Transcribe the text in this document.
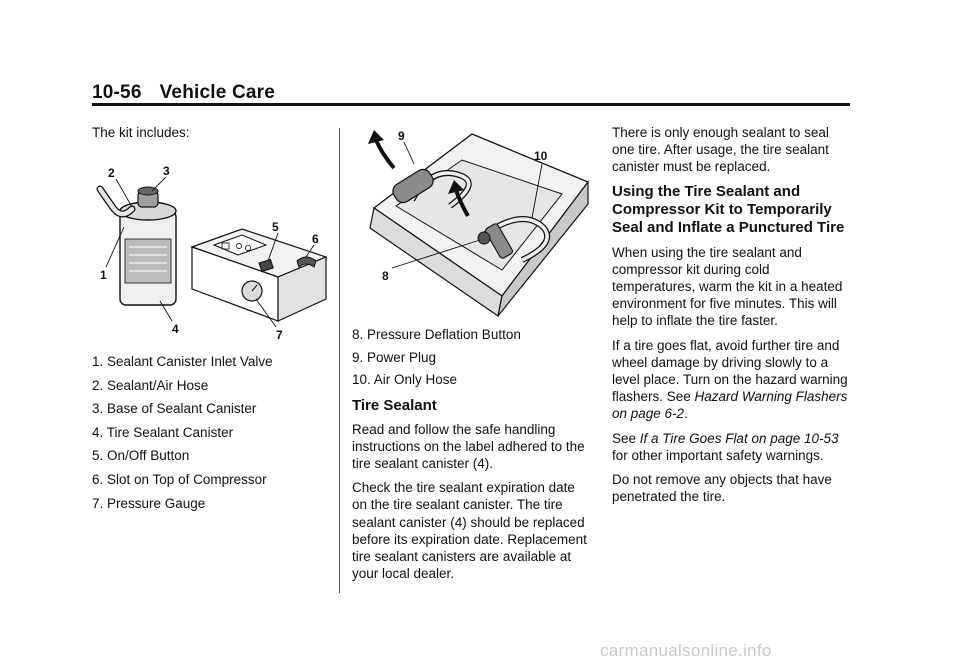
10-56 Vehicle Care

The kit includes:

1
2	3
4
5
6
7
1. Sealant Canister Inlet Valve
2. Sealant/Air Hose
3. Base of Sealant Canister
4. Tire Sealant Canister
5. On/Off Button
6. Slot on Top of Compressor
7. Pressure Gauge
9
10
8
8. Pressure Deflation Button
9. Power Plug
10. Air Only Hose
Tire Sealant

Read and follow the safe handling instructions on the label adhered to the tire sealant canister (4).

Check the tire sealant expiration date on the tire sealant canister. The tire sealant canister (4) should be replaced before its expiration date. Replacement tire sealant canisters are available at your local dealer.

There is only enough sealant to seal one tire. After usage, the tire sealant canister must be replaced.

Using the Tire Sealant and Compressor Kit to Temporarily Seal and Inflate a Punctured Tire

When using the tire sealant and compressor kit during cold temperatures, warm the kit in a heated environment for five minutes. This will help to inflate the tire faster.

If a tire goes flat, avoid further tire and wheel damage by driving slowly to a level place. Turn on the hazard warning flashers. See Hazard Warning Flashers on page 6-2.

See If a Tire Goes Flat on page 10-53 for other important safety warnings.

Do not remove any objects that have penetrated the tire.

carmanualsonline.info
